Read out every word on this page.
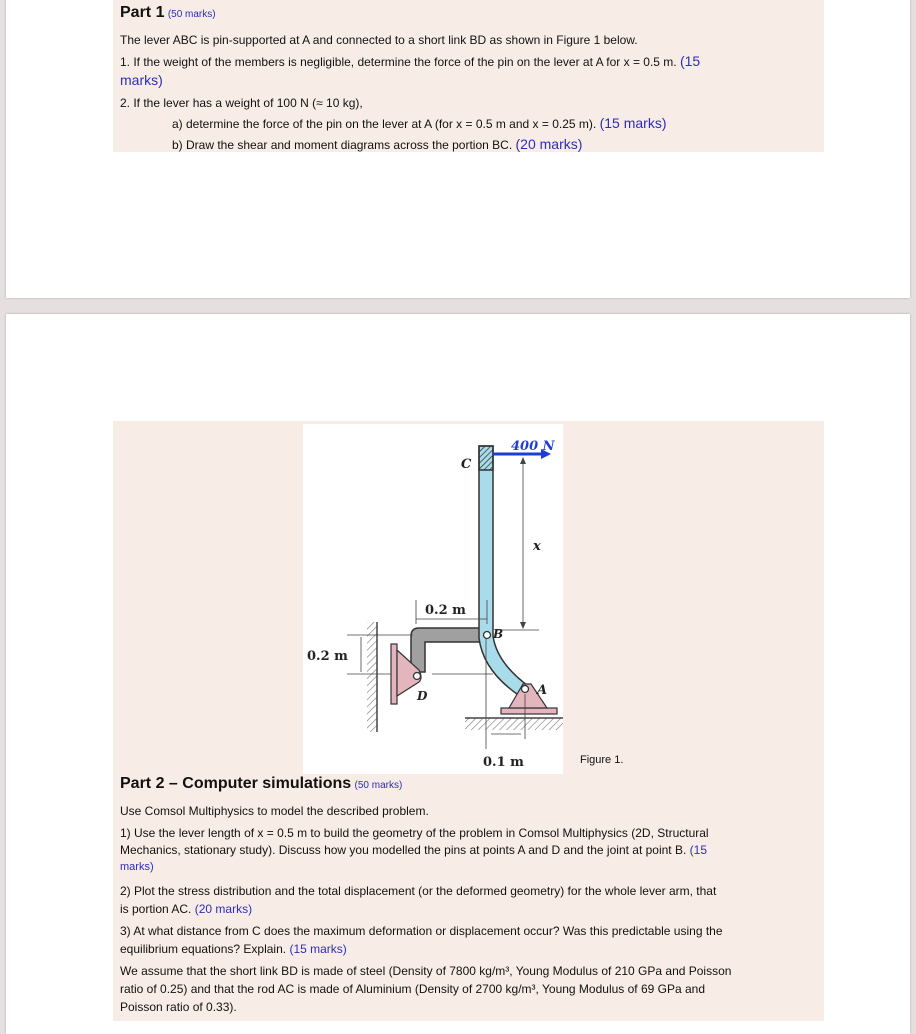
Part 1 (50 marks)
The lever ABC is pin-supported at A and connected to a short link BD as shown in Figure 1 below.
1. If the weight of the members is negligible, determine the force of the pin on the lever at A for x = 0.5 m. (15
marks)
2. If the lever has a weight of 100 N (≈ 10 kg),
a) determine the force of the pin on the lever at A (for x = 0.5 m and x = 0.25 m). (15 marks)
b) Draw the shear and moment diagrams across the portion BC. (20 marks)
C
400 N
x
0.2 m
B
0.2 m
A
D
0.1 m	Figure 1.
Part 2 – Computer simulations (50 marks)
Use Comsol Multiphysics to model the described problem.
1) Use the lever length of x = 0.5 m to build the geometry of the problem in Comsol Multiphysics (2D, Structural
Mechanics, stationary study). Discuss how you modelled the pins at points A and D and the joint at point B. (15
marks)
2) Plot the stress distribution and the total displacement (or the deformed geometry) for the whole lever arm, that
is portion AC. (20 marks)
3) At what distance from C does the maximum deformation or displacement occur? Was this predictable using the
equilibrium equations? Explain. (15 marks)
We assume that the short link BD is made of steel (Density of 7800 kg/m³, Young Modulus of 210 GPa and Poisson
ratio of 0.25) and that the rod AC is made of Aluminium (Density of 2700 kg/m³, Young Modulus of 69 GPa and
Poisson ratio of 0.33).
